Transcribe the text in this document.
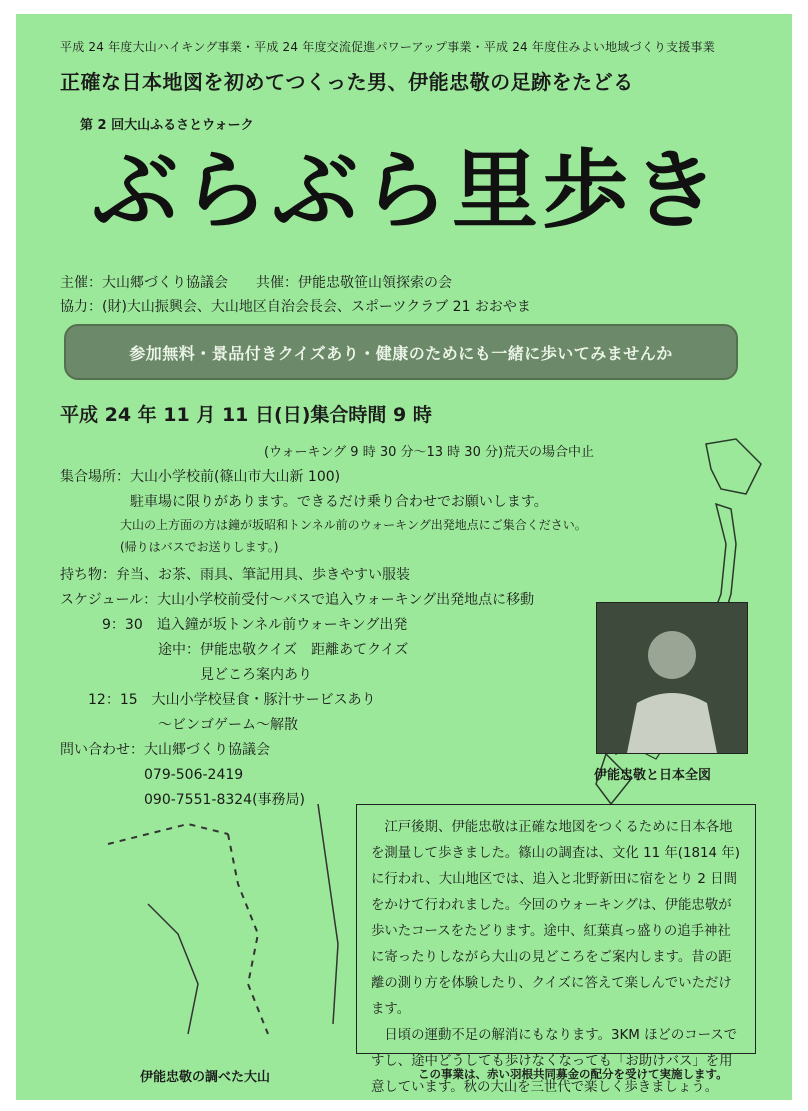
平成 24 年度大山ハイキング事業・平成 24 年度交流促進パワーアップ事業・平成 24 年度住みよい地域づくり支援事業
正確な日本地図を初めてつくった男、伊能忠敬の足跡をたどる
第 2 回大山ふるさとウォーク
ぶらぶら里歩き
主催：大山郷づくり協議会　　共催：伊能忠敬笹山領探索の会
協力：(財)大山振興会、大山地区自治会長会、スポーツクラブ 21 おおやま
参加無料・景品付きクイズあり・健康のためにも一緒に歩いてみませんか
平成 24 年 11 月 11 日(日)集合時間 9 時
(ウォーキング 9 時 30 分～13 時 30 分)荒天の場合中止
集合場所：大山小学校前(篠山市大山新 100)
　　　　　駐車場に限りがあります。できるだけ乗り合わせでお願いします。
　　　　　大山の上方面の方は鐘が坂昭和トンネル前のウォーキング出発地点にご集合ください。
　　　　　(帰りはバスでお送りします。)
持ち物：弁当、お茶、雨具、筆記用具、歩きやすい服装
スケジュール：大山小学校前受付～バスで追入ウォーキング出発地点に移動
　　　9：30　追入鐘が坂トンネル前ウォーキング出発
　　　　　　　途中：伊能忠敬クイズ　距離あてクイズ
　　　　　　　　　　見どころ案内あり
　　12：15　大山小学校昼食・豚汁サービスあり
　　　　　　　～ビンゴゲーム～解散
問い合わせ：大山郷づくり協議会
　　　　　　079-506-2419
　　　　　　090-7551-8324(事務局)
伊能忠敬と日本全図
伊能忠敬の調べた大山

江戸後期、伊能忠敬は正確な地図をつくるために日本各地を測量して歩きました。篠山の調査は、文化 11 年(1814 年)に行われ、大山地区では、追入と北野新田に宿をとり 2 日間をかけて行われました。今回のウォーキングは、伊能忠敬が歩いたコースをたどります。途中、紅葉真っ盛りの追手神社に寄ったりしながら大山の見どころをご案内します。昔の距離の測り方を体験したり、クイズに答えて楽しんでいただけます。

日頃の運動不足の解消にもなります。3KM ほどのコースですし、途中どうしても歩けなくなっても「お助けバス」を用意しています。秋の大山を三世代で楽しく歩きましょう。

この事業は、赤い羽根共同募金の配分を受けて実施します。
